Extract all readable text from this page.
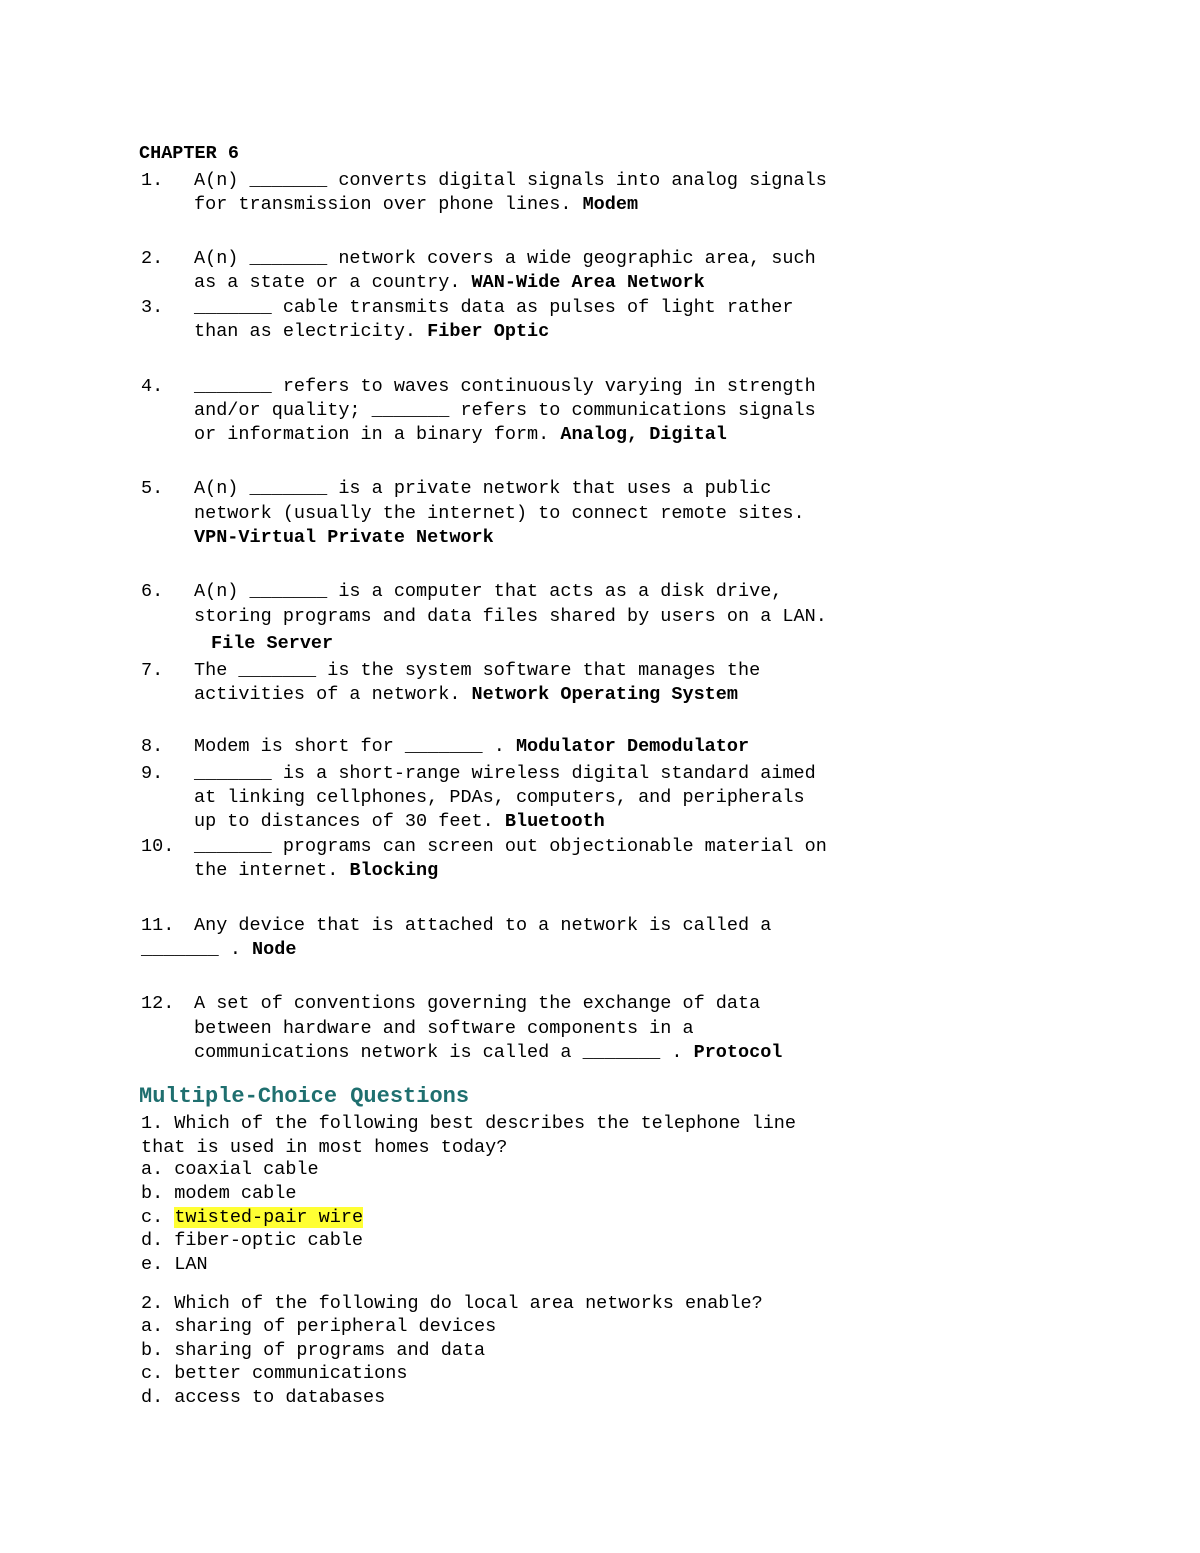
CHAPTER 6
1. A(n) _______ converts digital signals into analog signals
for transmission over phone lines. Modem
2. A(n) _______ network covers a wide geographic area, such
as a state or a country. WAN-Wide Area Network
3. _______ cable transmits data as pulses of light rather
than as electricity. Fiber Optic
4. _______ refers to waves continuously varying in strength
and/or quality; _______ refers to communications signals
or information in a binary form. Analog, Digital
5. A(n) _______ is a private network that uses a public
network (usually the internet) to connect remote sites.
VPN-Virtual Private Network
6. A(n) _______ is a computer that acts as a disk drive,
storing programs and data files shared by users on a LAN.
File Server
7. The _______ is the system software that manages the
activities of a network. Network Operating System
8. Modem is short for _______ . Modulator Demodulator
9. _______ is a short-range wireless digital standard aimed
at linking cellphones, PDAs, computers, and peripherals
up to distances of 30 feet. Bluetooth
10. _______ programs can screen out objectionable material on
the internet. Blocking
11. Any device that is attached to a network is called a
_______ . Node
12. A set of conventions governing the exchange of data
between hardware and software components in a
communications network is called a _______ . Protocol
Multiple-Choice Questions
1. Which of the following best describes the telephone line
that is used in most homes today?
a. coaxial cable
b. modem cable
c. twisted-pair wire
d. fiber-optic cable
e. LAN
2. Which of the following do local area networks enable?
a. sharing of peripheral devices
b. sharing of programs and data
c. better communications
d. access to databases
